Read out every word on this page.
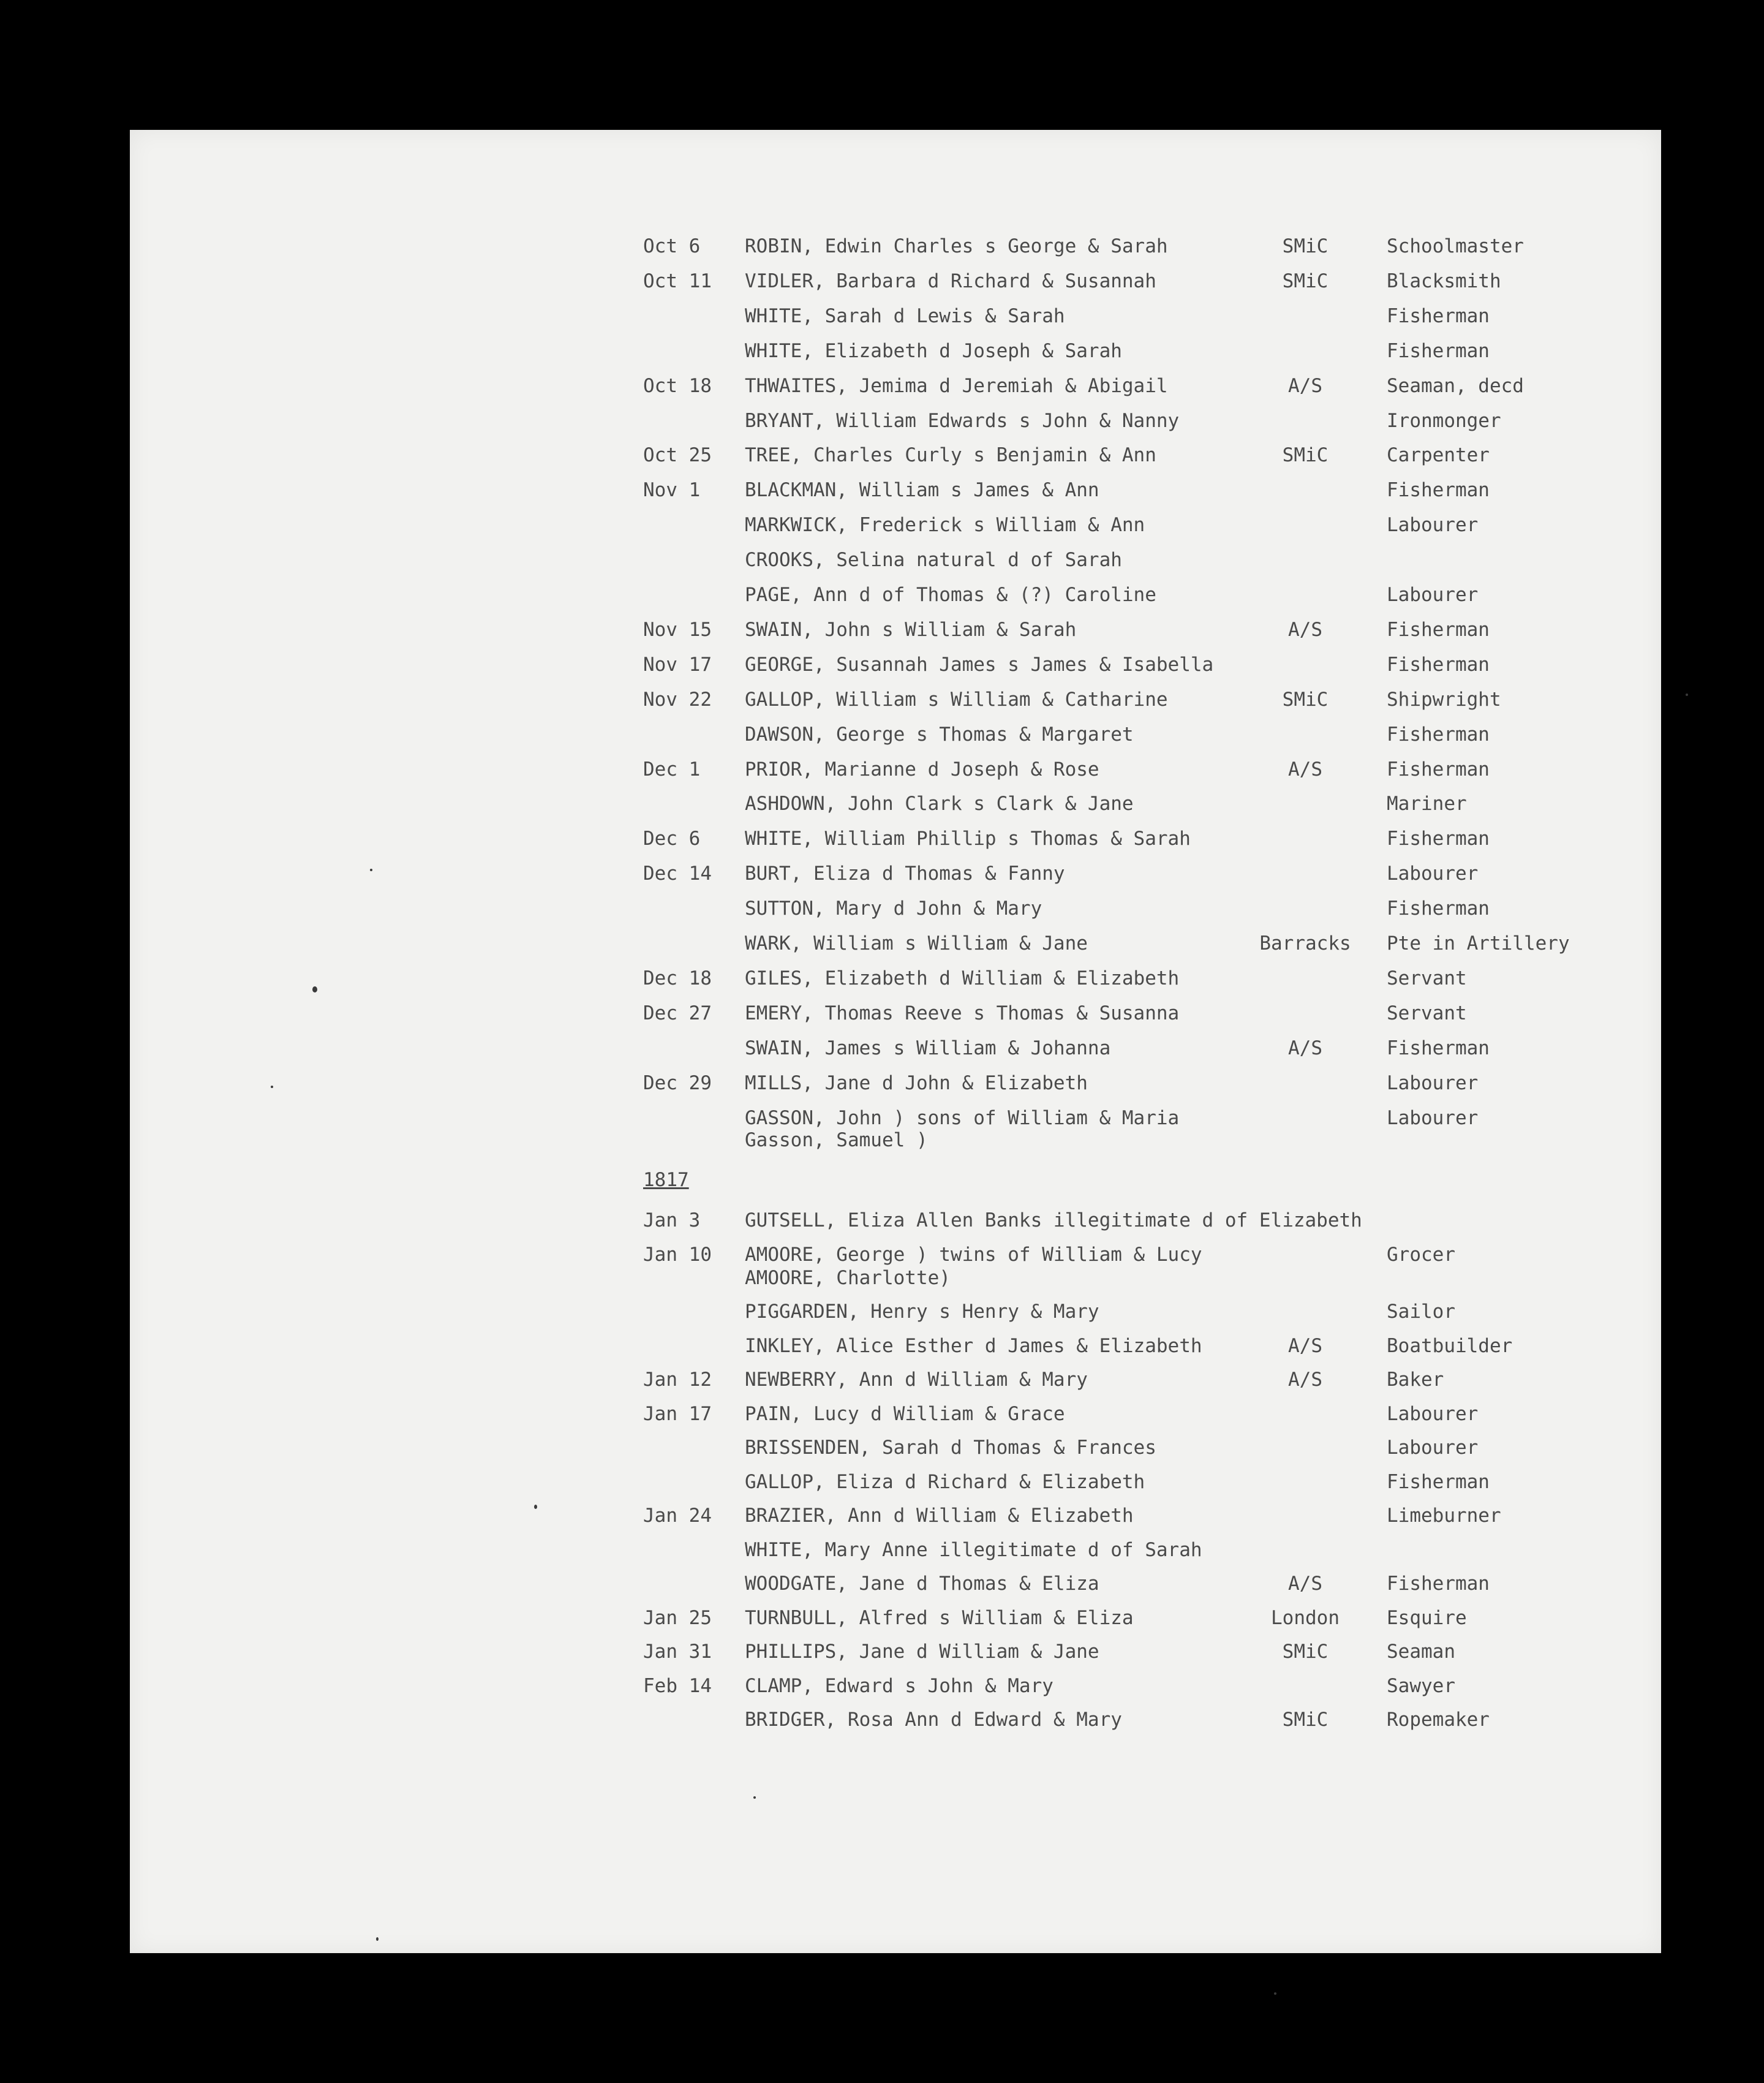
Oct 6 ROBIN, Edwin Charles s George & Sarah	SMiC	Schoolmaster
Oct 11 VIDLER, Barbara d Richard & Susannah	SMiC	Blacksmith
WHITE, Sarah d Lewis & Sarah	Fisherman
WHITE, Elizabeth d Joseph & Sarah	Fisherman
Oct 18 THWAITES, Jemima d Jeremiah & Abigail	A/S	Seaman, decd
BRYANT, William Edwards s John & Nanny	Ironmonger
Oct 25 TREE, Charles Curly s Benjamin & Ann	SMiC	Carpenter
Nov 1 BLACKMAN, William s James & Ann	Fisherman
MARKWICK, Frederick s William & Ann	Labourer
CROOKS, Selina natural d of Sarah
PAGE, Ann d of Thomas & (?) Caroline	Labourer
Nov 15 SWAIN, John s William & Sarah	A/S	Fisherman
Nov 17 GEORGE, Susannah James s James & Isabella	Fisherman
Nov 22 GALLOP, William s William & Catharine	SMiC	Shipwright
DAWSON, George s Thomas & Margaret	Fisherman
Dec 1 PRIOR, Marianne d Joseph & Rose	A/S	Fisherman
ASHDOWN, John Clark s Clark & Jane	Mariner
Dec 6 WHITE, William Phillip s Thomas & Sarah	Fisherman
Dec 14 BURT, Eliza d Thomas & Fanny	Labourer
SUTTON, Mary d John & Mary	Fisherman
WARK, William s William & Jane	Barracks	Pte in Artillery
Dec 18 GILES, Elizabeth d William & Elizabeth	Servant
Dec 27 EMERY, Thomas Reeve s Thomas & Susanna	Servant
SWAIN, James s William & Johanna	A/S	Fisherman
Dec 29 MILLS, Jane d John & Elizabeth	Labourer
GASSON, John ) sons of William & Maria	Labourer
Gasson, Samuel )
1817
Jan 3 GUTSELL, Eliza Allen Banks illegitimate d of Elizabeth
Jan 10 AMOORE, George ) twins of William & Lucy	Grocer
AMOORE, Charlotte)
PIGGARDEN, Henry s Henry & Mary	Sailor
INKLEY, Alice Esther d James & Elizabeth	A/S	Boatbuilder
Jan 12 NEWBERRY, Ann d William & Mary	A/S	Baker
Jan 17 PAIN, Lucy d William & Grace	Labourer
BRISSENDEN, Sarah d Thomas & Frances	Labourer
GALLOP, Eliza d Richard & Elizabeth	Fisherman
Jan 24 BRAZIER, Ann d William & Elizabeth	Limeburner
WHITE, Mary Anne illegitimate d of Sarah
WOODGATE, Jane d Thomas & Eliza	A/S	Fisherman
Jan 25 TURNBULL, Alfred s William & Eliza	London	Esquire
Jan 31 PHILLIPS, Jane d William & Jane	SMiC	Seaman
Feb 14 CLAMP, Edward s John & Mary	Sawyer
BRIDGER, Rosa Ann d Edward & Mary	SMiC	Ropemaker
